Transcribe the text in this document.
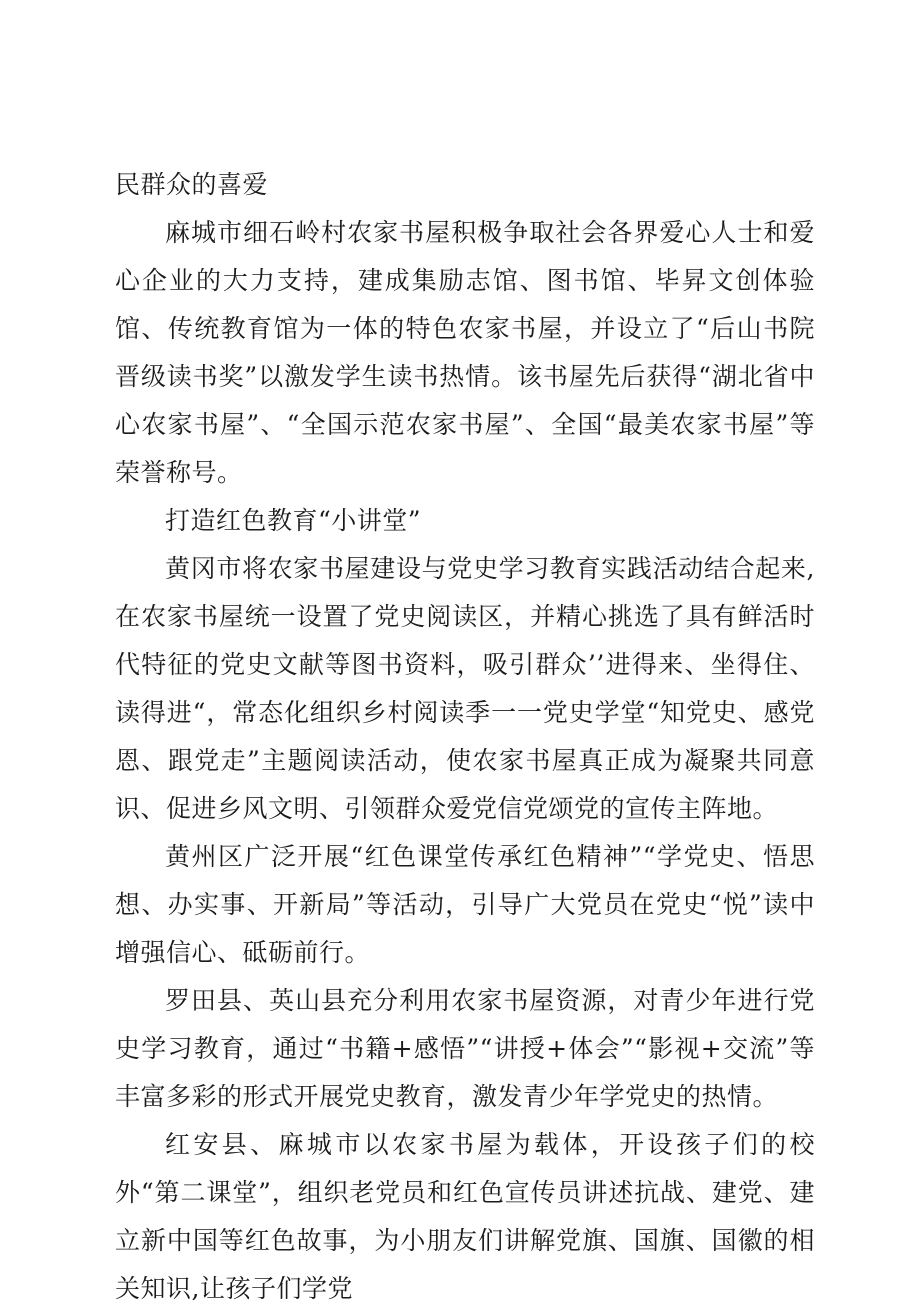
民群众的喜爱

麻城市细石岭村农家书屋积极争取社会各界爱心人士和爱心企业的大力支持，建成集励志馆、图书馆、毕昇文创体验馆、传统教育馆为一体的特色农家书屋，并设立了“后山书院晋级读书奖”以激发学生读书热情。该书屋先后获得“湖北省中心农家书屋”、“全国示范农家书屋”、全国“最美农家书屋”等荣誉称号。

打造红色教育“小讲堂”

黄冈市将农家书屋建设与党史学习教育实践活动结合起来,在农家书屋统一设置了党史阅读区，并精心挑选了具有鲜活时代特征的党史文献等图书资料，吸引群众’’进得来、坐得住、读得进“，常态化组织乡村阅读季一一党史学堂“知党史、感党恩、跟党走”主题阅读活动，使农家书屋真正成为凝聚共同意识、促进乡风文明、引领群众爱党信党颂党的宣传主阵地。

黄州区广泛开展“红色课堂传承红色精神”“学党史、悟思想、办实事、开新局”等活动，引导广大党员在党史“悦”读中增强信心、砥砺前行。

罗田县、英山县充分利用农家书屋资源，对青少年进行党史学习教育，通过“书籍+感悟”“讲授+体会”“影视+交流”等丰富多彩的形式开展党史教育，激发青少年学党史的热情。

红安县、麻城市以农家书屋为载体，开设孩子们的校外“第二课堂”，组织老党员和红色宣传员讲述抗战、建党、建立新中国等红色故事，为小朋友们讲解党旗、国旗、国徽的相关知识,让孩子们学党
